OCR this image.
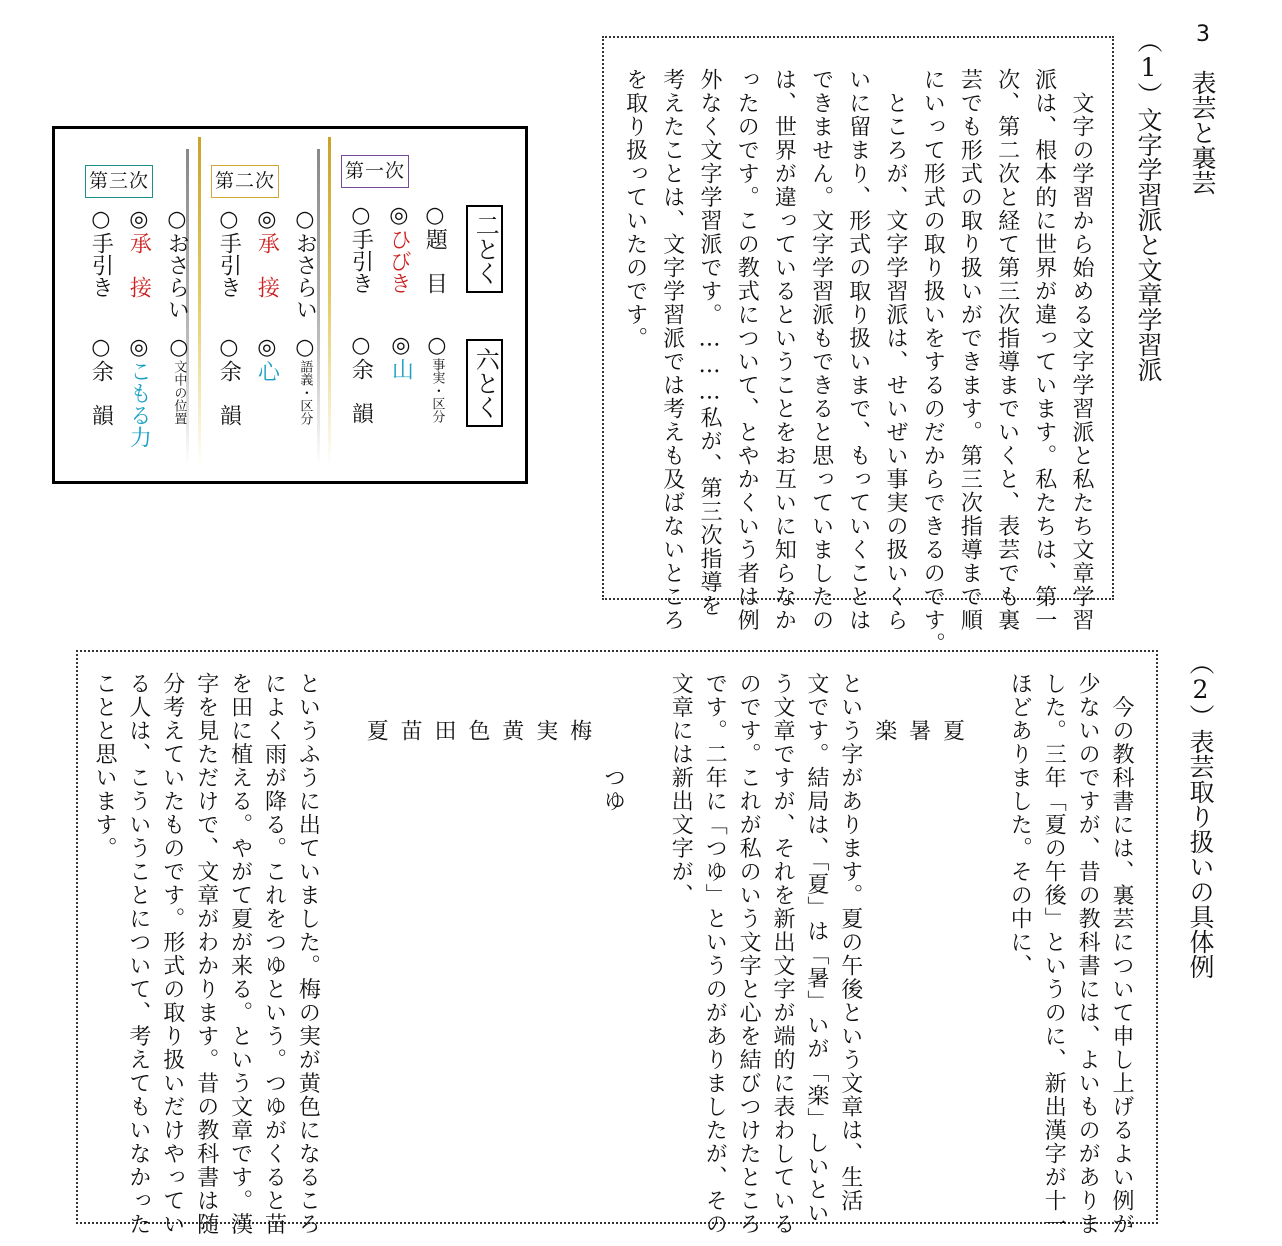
3
表芸と裏芸
（1）文字学習派と文章学習派
　文字の学習から始める文字学習派と私たち文章学習
派は、根本的に世界が違っています。私たちは、第一
次、第二次と経て第三次指導までいくと、表芸でも裏
芸でも形式の取り扱いができます。第三次指導まで順
にいって形式の取り扱いをするのだからできるのです。
　ところが、文字学習派は、せいぜい事実の扱いくら
いに留まり、形式の取り扱いまで、もっていくことは
できません。文字学習派もできると思っていましたの
は、世界が違っているということをお互いに知らなか
ったのです。この教式について、とやかくいう者は例
外なく文字学習派です。………私が、第三次指導を
考えたことは、文字学習派では考えも及ばないところ
を取り扱っていたのです。
（2）表芸取り扱いの具体例
　今の教科書には、裏芸について申し上げるよい例が
少ないのですが、昔の教科書には、よいものがありま
した。三年「夏の午後」というのに、新出漢字が十一
ほどありました。その中に、
　　夏
　　暑
　　楽
という字があります。夏の午後という文章は、生活
文です。結局は、「夏」は「暑」いが「楽」しいとい
う文章ですが、それを新出文字が端的に表わしている
のです。これが私のいう文字と心を結びつけたところ
です。二年に「つゆ」というのがありましたが、その
文章には新出文字が、
　　　　つゆ
　　梅
　　実
　　黄
　　色
　　田
　　苗
　　夏
というふうに出ていました。梅の実が黄色になるころ
によく雨が降る。これをつゆという。つゆがくると苗
を田に植える。やがて夏が来る。という文章です。漢
字を見ただけで、文章がわかります。昔の教科書は随
分考えていたものです。形式の取り扱いだけやってい
る人は、こういうことについて、考えてもいなかった
ことと思います。
二とく
六とく
第一次
○題　目
○事実・区分
◎ひびき
◎山
○手引き
○余　韻
第二次
○おさらい
○語義・区分
◎承　接
◎心
○手引き
○余　韻
第三次
○おさらい
○文中の位置
◎承　接
◎こもる力
○手引き
○余　韻
